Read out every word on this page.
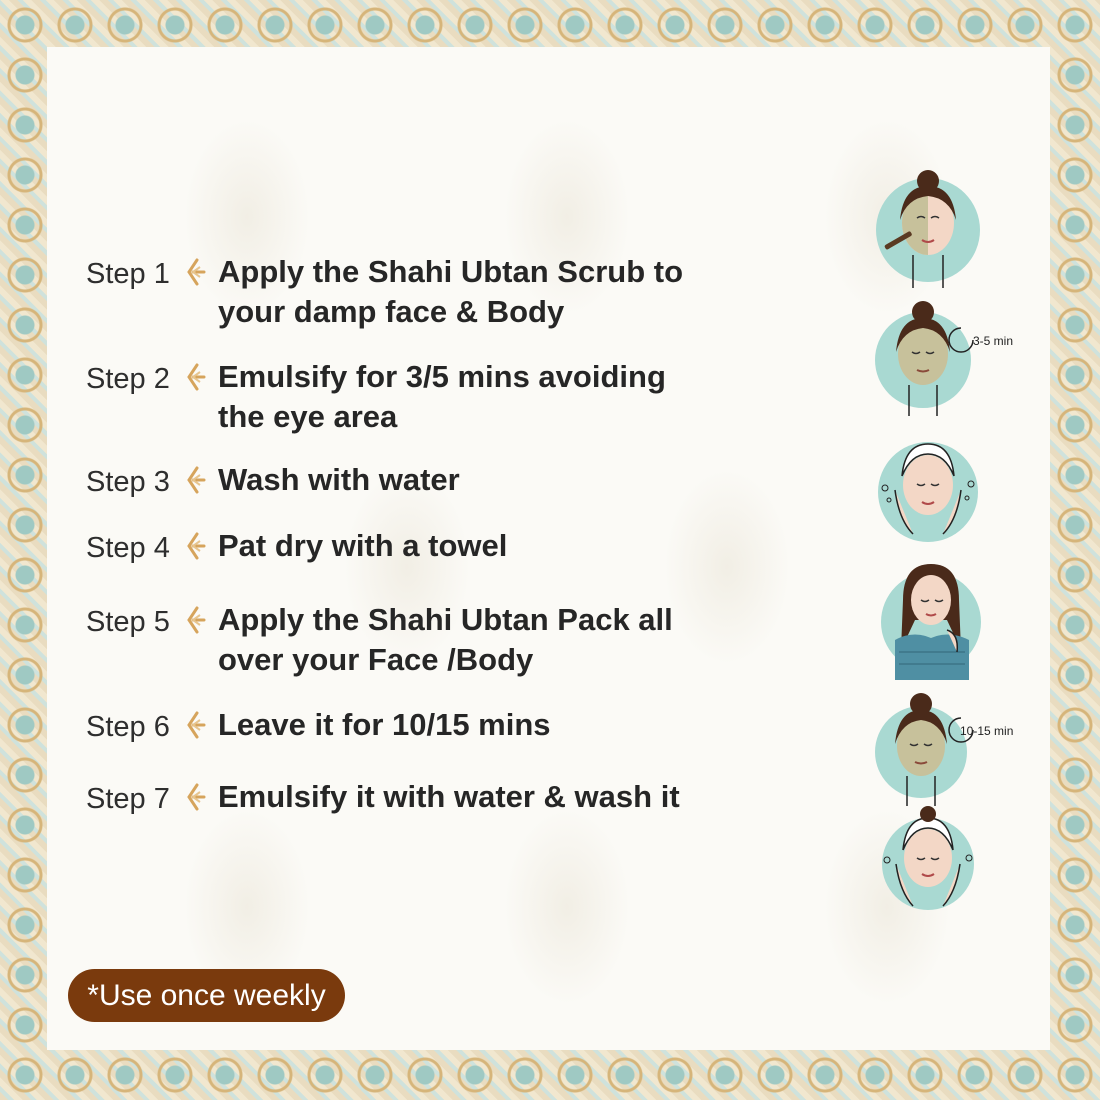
Step 1	Apply the Shahi Ubtan Scrub to
your damp face & Body
Step 2	Emulsify for 3/5 mins avoiding
the eye area
Step 3	Wash with water
Step 4	Pat dry with a towel
Step 5	Apply the Shahi Ubtan Pack all
over your Face /Body
Step 6	Leave it for 10/15 mins
Step 7	Emulsify it with water & wash it
3-5 min
10-15 min
*Use once weekly
